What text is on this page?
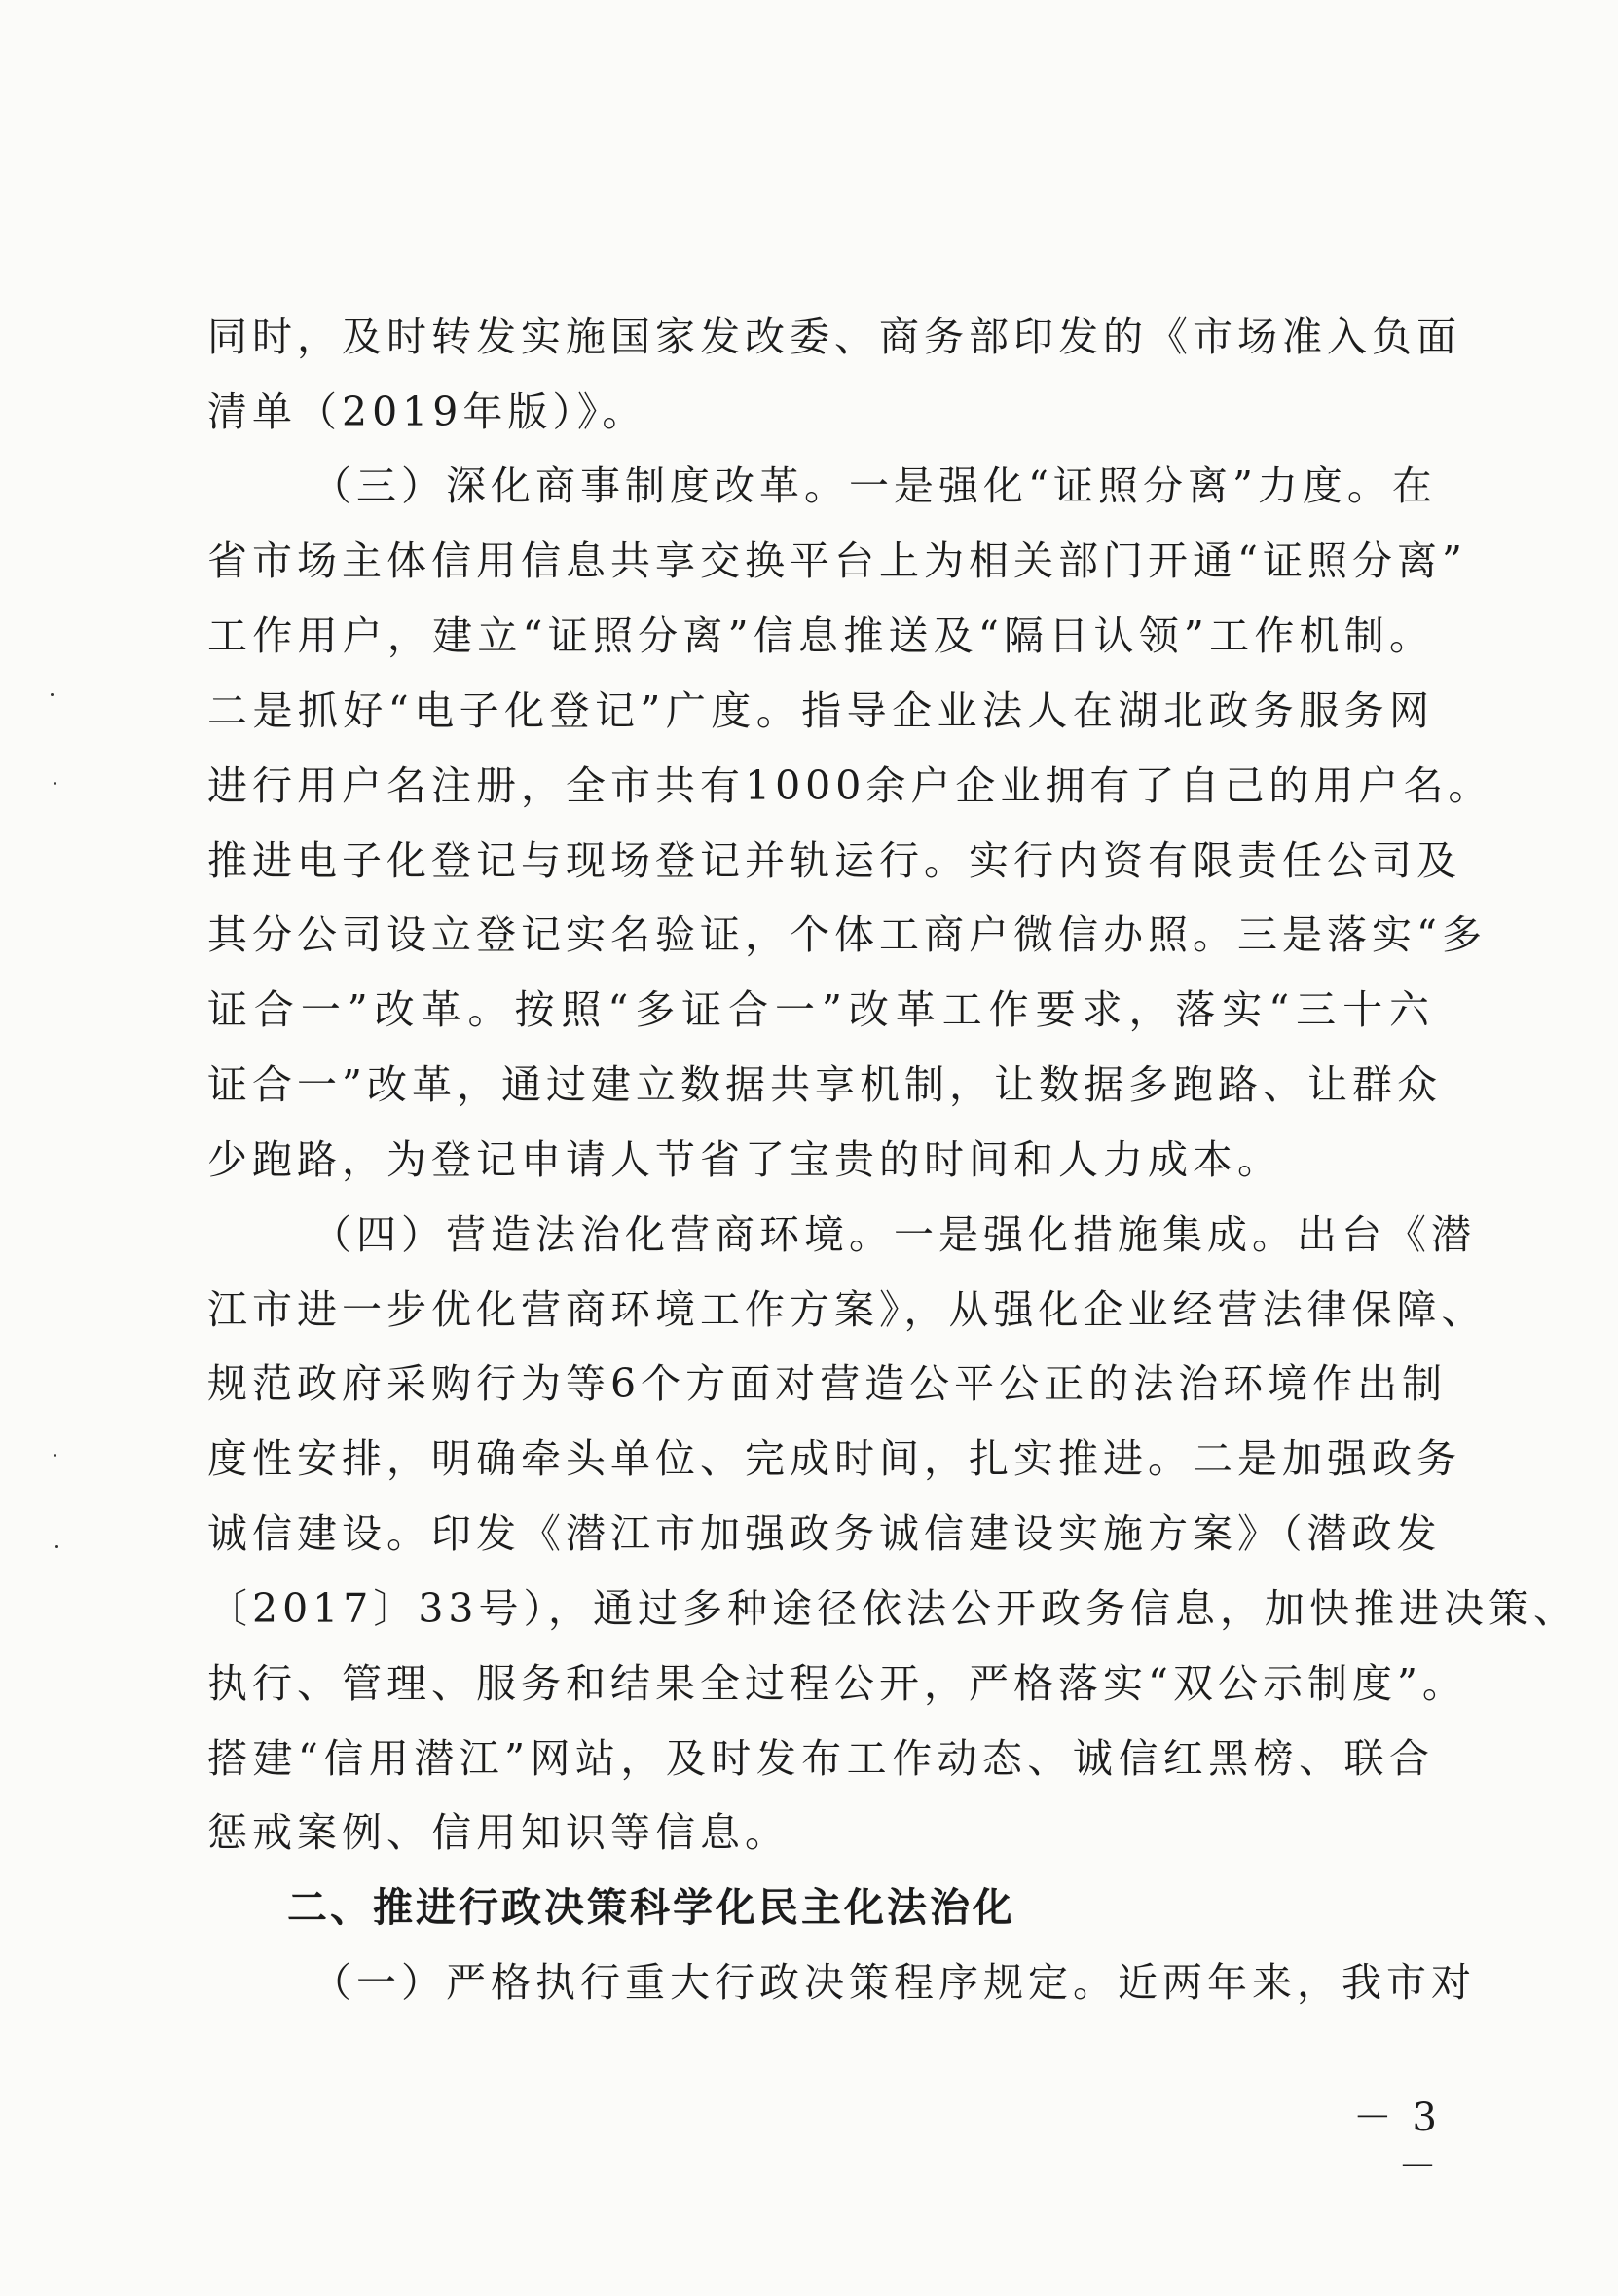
同时，及时转发实施国家发改委、商务部印发的《市场准入负面
清单（2019年版）》。
（三）深化商事制度改革。一是强化“证照分离”力度。在
省市场主体信用信息共享交换平台上为相关部门开通“证照分离”
工作用户，建立“证照分离”信息推送及“隔日认领”工作机制。
二是抓好“电子化登记”广度。指导企业法人在湖北政务服务网
进行用户名注册，全市共有1000余户企业拥有了自己的用户名。
推进电子化登记与现场登记并轨运行。实行内资有限责任公司及
其分公司设立登记实名验证，个体工商户微信办照。三是落实“多
证合一”改革。按照“多证合一”改革工作要求，落实“三十六
证合一”改革，通过建立数据共享机制，让数据多跑路、让群众
少跑路，为登记申请人节省了宝贵的时间和人力成本。
（四）营造法治化营商环境。一是强化措施集成。出台《潜
江市进一步优化营商环境工作方案》，从强化企业经营法律保障、
规范政府采购行为等6个方面对营造公平公正的法治环境作出制
度性安排，明确牵头单位、完成时间，扎实推进。二是加强政务
诚信建设。印发《潜江市加强政务诚信建设实施方案》（潜政发
〔2017〕33号），通过多种途径依法公开政务信息，加快推进决策、
执行、管理、服务和结果全过程公开，严格落实“双公示制度”。
搭建“信用潜江”网站，及时发布工作动态、诚信红黑榜、联合
惩戒案例、信用知识等信息。
二、推进行政决策科学化民主化法治化
（一）严格执行重大行政决策程序规定。近两年来，我市对
－ 3 －
